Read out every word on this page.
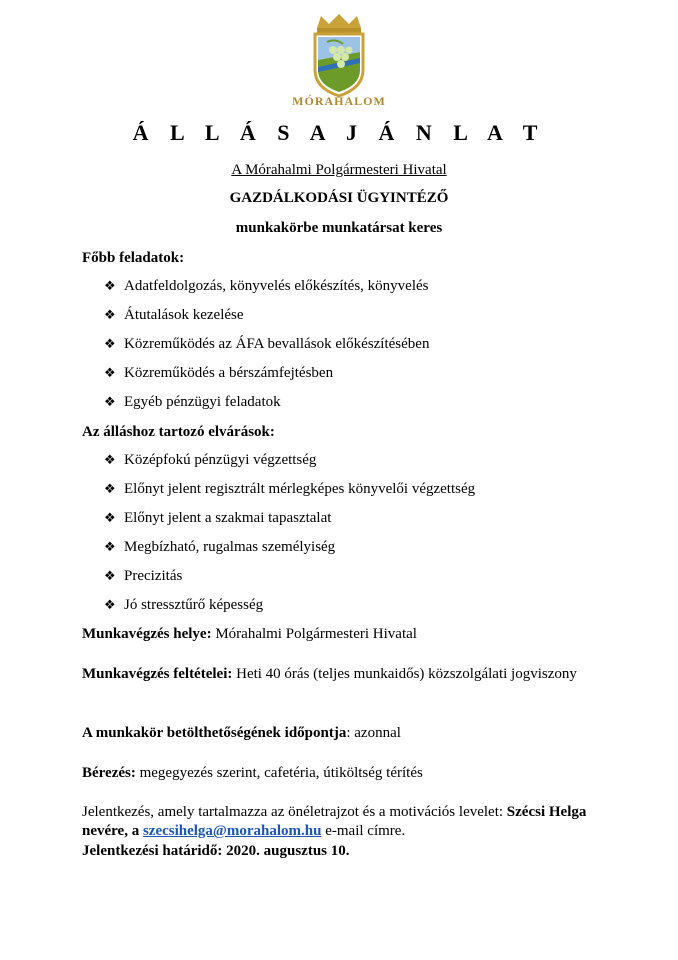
MÓRAHALOM
Á L L Á S A J Á N L A T
A Mórahalmi Polgármesteri Hivatal
GAZDÁLKODÁSI ÜGYINTÉZŐ
munkakörbe munkatársat keres
Főbb feladatok:
❖ Adatfeldolgozás, könyvelés előkészítés, könyvelés
❖ Átutalások kezelése
❖ Közreműködés az ÁFA bevallások előkészítésében
❖ Közreműködés a bérszámfejtésben
❖ Egyéb pénzügyi feladatok
Az álláshoz tartozó elvárások:
❖ Középfokú pénzügyi végzettség
❖ Előnyt jelent regisztrált mérlegképes könyvelői végzettség
❖ Előnyt jelent a szakmai tapasztalat
❖ Megbízható, rugalmas személyiség
❖ Precizitás
❖ Jó stressztűrő képesség
Munkavégzés helye: Mórahalmi Polgármesteri Hivatal
Munkavégzés feltételei: Heti 40 órás (teljes munkaidős) közszolgálati jogviszony
A munkakör betölthetőségének időpontja: azonnal
Bérezés: megegyezés szerint, cafetéria, útiköltség térítés
Jelentkezés, amely tartalmazza az önéletrajzot és a motivációs levelet: Szécsi Helga nevére, a szecsihelga@morahalom.hu e-mail címre.
Jelentkezési határidő: 2020. augusztus 10.
